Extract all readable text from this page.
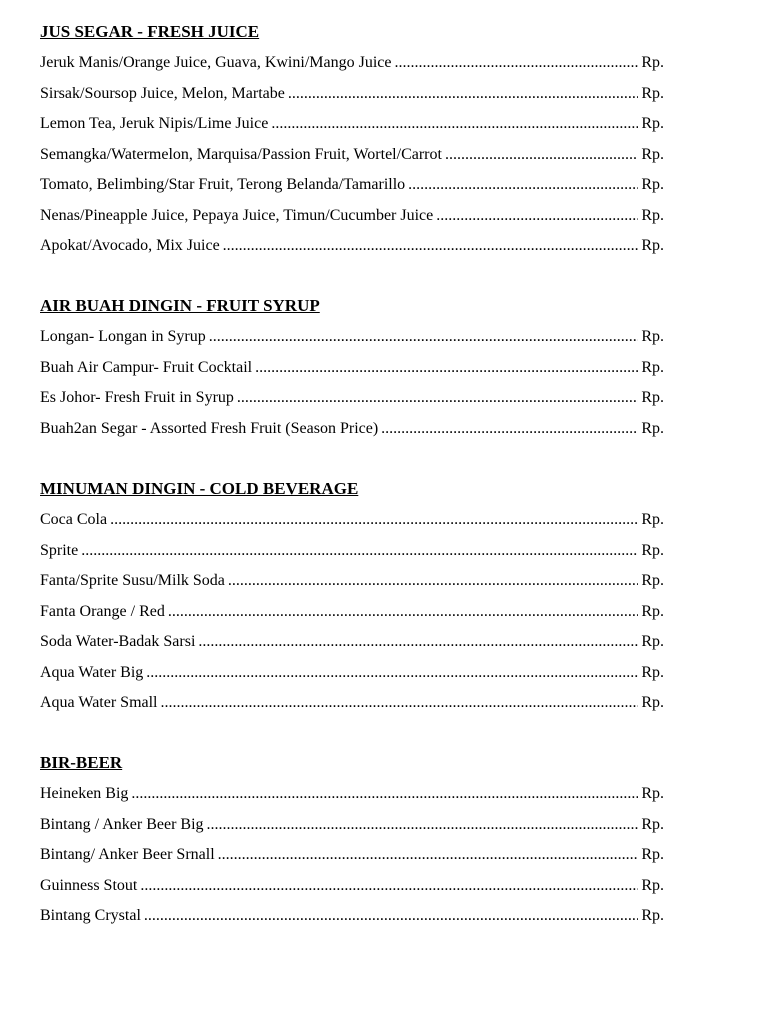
JUS SEGAR - FRESH JUICE
Jeruk Manis/Orange Juice, Guava, Kwini/Mango Juice .....	Rp.
Sirsak/Soursop Juice, Melon, Martabe .....	Rp.
Lemon Tea, Jeruk Nipis/Lime Juice .....	Rp.
Semangka/Watermelon, Marquisa/Passion Fruit, Wortel/Carrot .....	Rp.
Tomato, Belimbing/Star Fruit, Terong Belanda/Tamarillo .....	Rp.
Nenas/Pineapple Juice, Pepaya Juice, Timun/Cucumber Juice .....	Rp.
Apokat/Avocado, Mix Juice .....	Rp.
AIR BUAH DINGIN - FRUIT SYRUP
Longan- Longan in Syrup .....	Rp.
Buah Air Campur- Fruit Cocktail .....	Rp.
Es Johor- Fresh Fruit in Syrup .....	Rp.
Buah2an Segar - Assorted Fresh Fruit (Season Price) .....	Rp.
MINUMAN DINGIN - COLD BEVERAGE
Coca Cola .....	Rp.
Sprite .....	Rp.
Fanta/Sprite Susu/Milk Soda .....	Rp.
Fanta Orange / Red .....	Rp.
Soda Water-Badak Sarsi .....	Rp.
Aqua Water Big .....	Rp.
Aqua Water Small .....	Rp.
BIR-BEER
Heineken Big .....	Rp.
Bintang / Anker Beer Big .....	Rp.
Bintang/ Anker Beer Srnall .....	Rp.
Guinness Stout .....	Rp.
Bintang Crystal .....	Rp.
